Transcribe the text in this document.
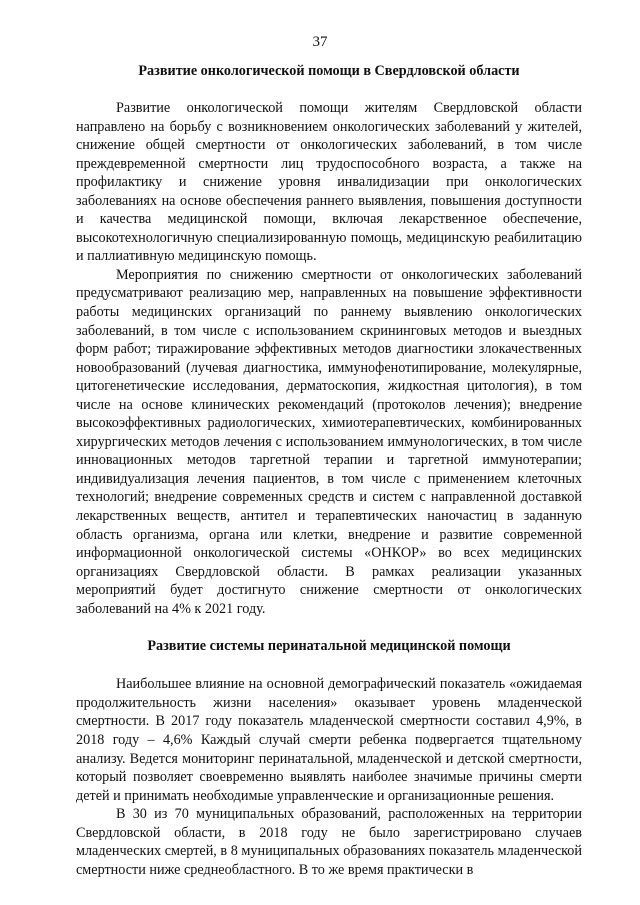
37
Развитие онкологической помощи в Свердловской области

Развитие онкологической помощи жителям Свердловской области направлено на борьбу с возникновением онкологических заболеваний у жителей, снижение общей смертности от онкологических заболеваний, в том числе преждевременной смертности лиц трудоспособного возраста, а также на профилактику и снижение уровня инвалидизации при онкологических заболеваниях на основе обеспечения раннего выявления, повышения доступности и качества медицинской помощи, включая лекарственное обеспечение, высокотехнологичную специализированную помощь, медицинскую реабилитацию и паллиативную медицинскую помощь.

Мероприятия по снижению смертности от онкологических заболеваний предусматривают реализацию мер, направленных на повышение эффективности работы медицинских организаций по раннему выявлению онкологических заболеваний, в том числе с использованием скрининговых методов и выездных форм работ; тиражирование эффективных методов диагностики злокачественных новообразований (лучевая диагностика, иммунофенотипирование, молекулярные, цитогенетические исследования, дерматоскопия, жидкостная цитология), в том числе на основе клинических рекомендаций (протоколов лечения); внедрение высокоэффективных радиологических, химиотерапевтических, комбинированных хирургических методов лечения с использованием иммунологических, в том числе инновационных методов таргетной терапии и таргетной иммунотерапии; индивидуализация лечения пациентов, в том числе с применением клеточных технологий; внедрение современных средств и систем с направленной доставкой лекарственных веществ, антител и терапевтических наночастиц в заданную область организма, органа или клетки, внедрение и развитие современной информационной онкологической системы «ОНКОР» во всех медицинских организациях Свердловской области. В рамках реализации указанных мероприятий будет достигнуто снижение смертности от онкологических заболеваний на 4% к 2021 году.

Развитие системы перинатальной медицинской помощи

Наибольшее влияние на основной демографический показатель «ожидаемая продолжительность жизни населения» оказывает уровень младенческой смертности. В 2017 году показатель младенческой смертности составил 4,9%, в 2018 году – 4,6% Каждый случай смерти ребенка подвергается тщательному анализу. Ведется мониторинг перинатальной, младенческой и детской смертности, который позволяет своевременно выявлять наиболее значимые причины смерти детей и принимать необходимые управленческие и организационные решения.

В 30 из 70 муниципальных образований, расположенных на территории Свердловской области, в 2018 году не было зарегистрировано случаев младенческих смертей, в 8 муниципальных образованиях показатель младенческой смертности ниже среднеобластного. В то же время практически в
